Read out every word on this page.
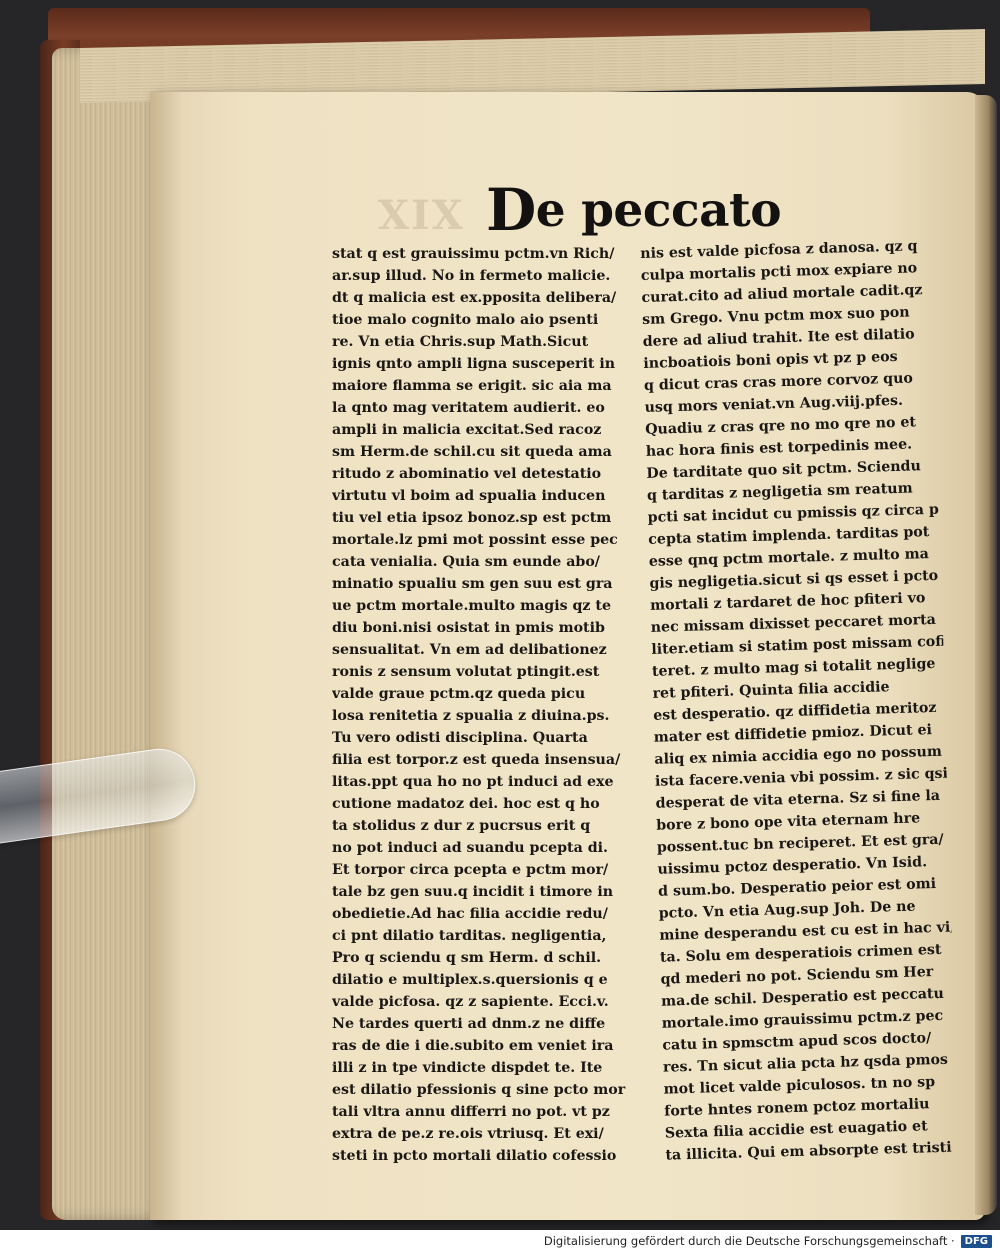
XIX De peccato
stat q est grauissimu pctm.vn Rich/
ar.sup illud. No in fermeto malicie.
dt q malicia est ex.pposita delibera/
tioe malo cognito malo aio psenti
re. Vn etia Chris.sup Math.Sicut
ignis qnto ampli ligna susceperit in
maiore flamma se erigit. sic aia ma
la qnto mag veritatem audierit. eo
ampli in malicia excitat.Sed racoz
sm Herm.de schil.cu sit queda ama
ritudo z abominatio vel detestatio
virtutu vl boim ad spualia inducen
tiu vel etia ipsoz bonoz.sp est pctm
mortale.lz pmi mot possint esse pec
cata venialia. Quia sm eunde abo/
minatio spualiu sm gen suu est gra
ue pctm mortale.multo magis qz te
diu boni.nisi osistat in pmis motib
sensualitat. Vn em ad delibationez
ronis z sensum volutat ptingit.est
valde graue pctm.qz queda picu
losa renitetia z spualia z diuina.ps.
Tu vero odisti disciplina. Quarta
filia est torpor.z est queda insensua/
litas.ppt qua ho no pt induci ad exe
cutione madatoz dei. hoc est q ho
ta stolidus z dur z pucrsus erit q
no pot induci ad suandu pcepta di.
Et torpor circa pcepta e pctm mor/
tale bz gen suu.q incidit i timore in
obedietie.Ad hac filia accidie redu/
ci pnt dilatio tarditas. negligentia,
Pro q sciendu q sm Herm. d schil.
dilatio e multiplex.s.quersionis q e
valde picfosa. qz z sapiente. Ecci.v.
Ne tardes querti ad dnm.z ne diffe
ras de die i die.subito em veniet ira
illi z in tpe vindicte dispdet te. Ite
est dilatio pfessionis q sine pcto mor
tali vltra annu differri no pot. vt pz
extra de pe.z re.ois vtriusq. Et exi/
steti in pcto mortali dilatio cofessio
nis est valde picfosa z danosa. qz q
culpa mortalis pcti mox expiare no
curat.cito ad aliud mortale cadit.qz
sm Grego. Vnu pctm mox suo pon
dere ad aliud trahit. Ite est dilatio
incboatiois boni opis vt pz p eos
q dicut cras cras more corvoz quo
usq mors veniat.vn Aug.viij.pfes.
Quadiu z cras qre no mo qre no et
hac hora finis est torpedinis mee.
De tarditate quo sit pctm. Sciendu
q tarditas z negligetia sm reatum
pcti sat incidut cu pmissis qz circa p
cepta statim implenda. tarditas pot
esse qnq pctm mortale. z multo ma
gis negligetia.sicut si qs esset i pcto
mortali z tardaret de hoc pfiteri vo
nec missam dixisset peccaret morta
liter.etiam si statim post missam cofi
teret. z multo mag si totalit neglige
ret pfiteri. Quinta filia accidie
est desperatio. qz diffidetia meritoz
mater est diffidetie pmioz. Dicut ei
aliq ex nimia accidia ego no possum
ista facere.venia vbi possim. z sic qsi
desperat de vita eterna. Sz si fine la
bore z bono ope vita eternam hre
possent.tuc bn reciperet. Et est gra/
uissimu pctoz desperatio. Vn Isid.
d sum.bo. Desperatio peior est omi
pcto. Vn etia Aug.sup Joh. De ne
mine desperandu est cu est in hac vi/
ta. Solu em desperatiois crimen est
qd mederi no pot. Sciendu sm Her
ma.de schil. Desperatio est peccatu
mortale.imo grauissimu pctm.z pec
catu in spmsctm apud scos docto/
res. Tn sicut alia pcta hz qsda pmos
mot licet valde piculosos. tn no sp
forte hntes ronem pctoz mortaliu
Sexta filia accidie est euagatio et
ta illicita. Qui em absorpte est tristi
Digitalisierung gefördert durch die Deutsche Forschungsgemeinschaft ·	DFG
